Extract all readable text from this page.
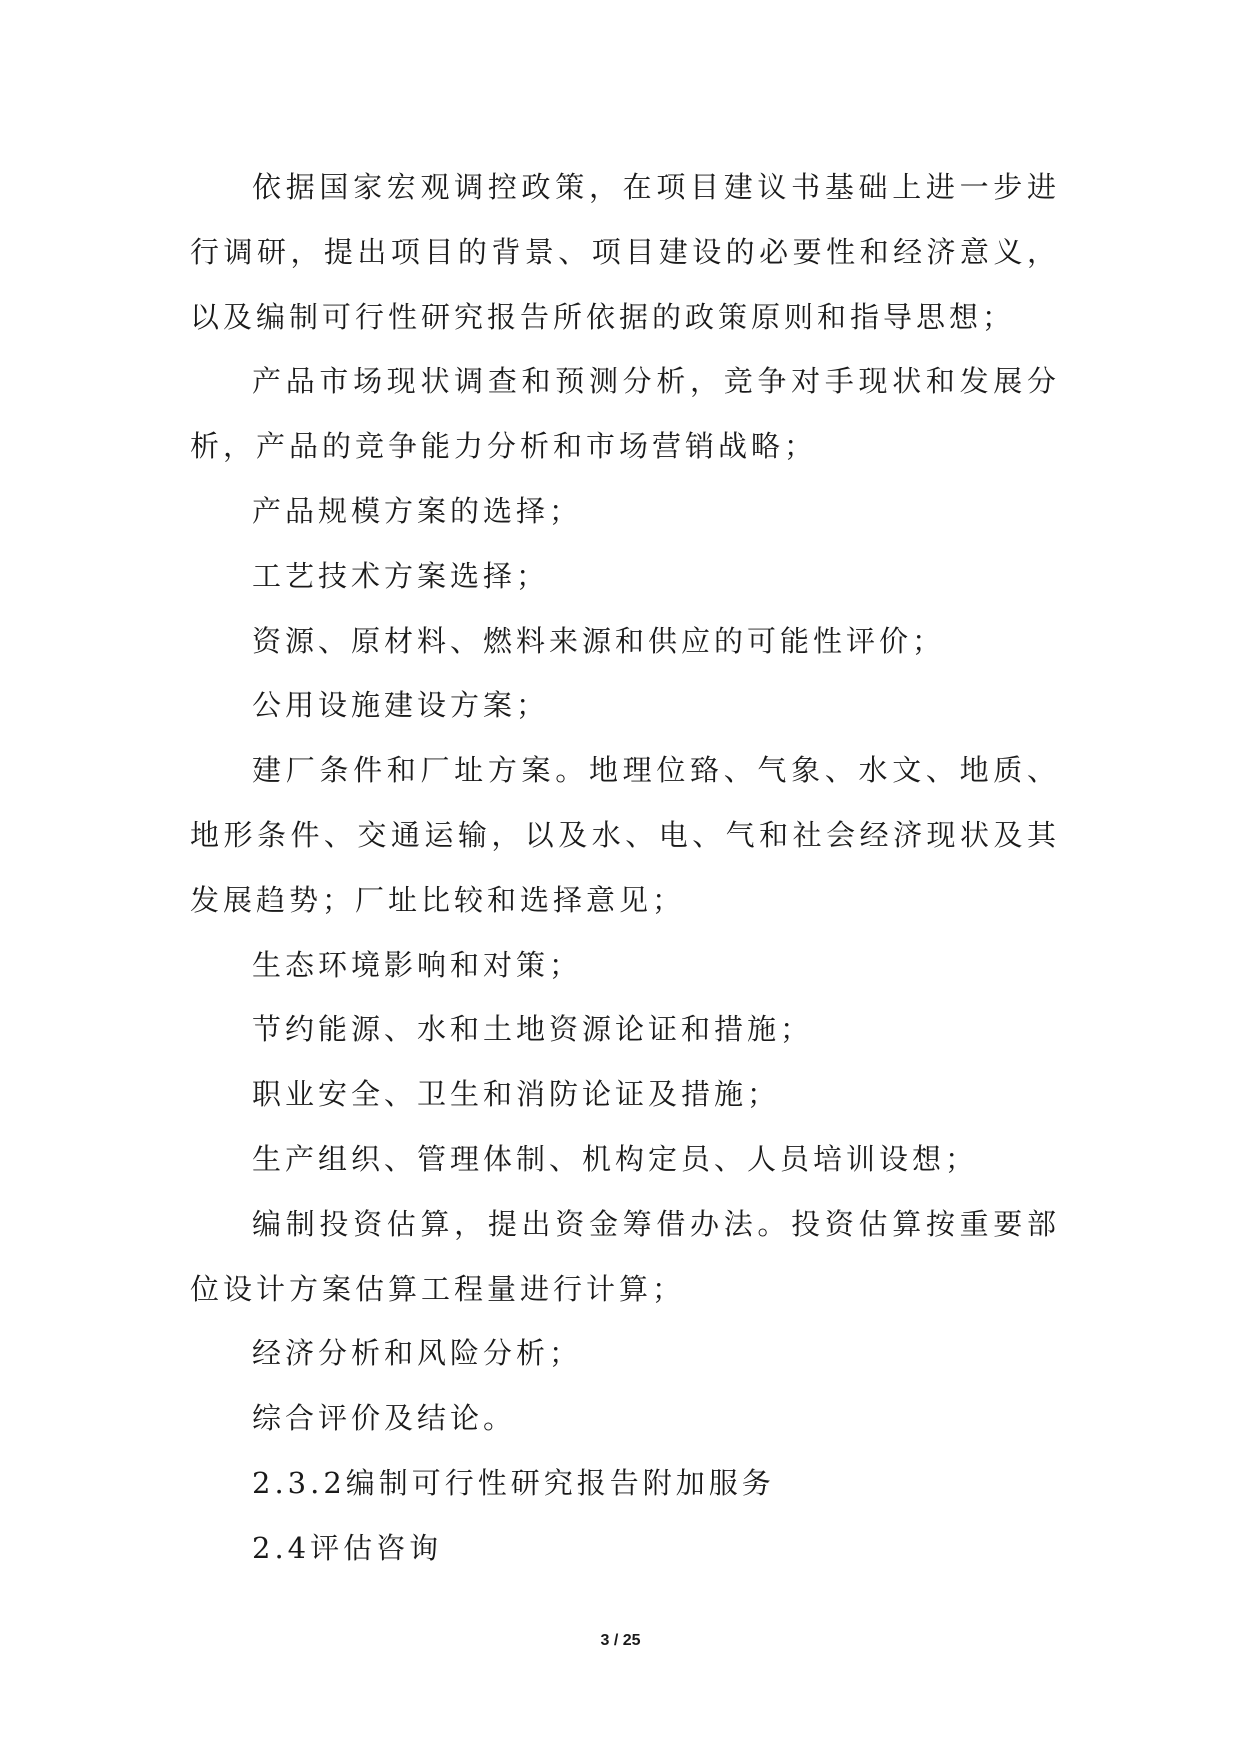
依据国家宏观调控政策，在项目建议书基础上进一步进行调研，提出项目的背景、项目建设的必要性和经济意义，以及编制可行性研究报告所依据的政策原则和指导思想；

产品市场现状调查和预测分析，竞争对手现状和发展分析，产品的竞争能力分析和市场营销战略；

产品规模方案的选择；

工艺技术方案选择；

资源、原材料、燃料来源和供应的可能性评价；

公用设施建设方案；

建厂条件和厂址方案。地理位臵、气象、水文、地质、地形条件、交通运输，以及水、电、气和社会经济现状及其发展趋势；厂址比较和选择意见；

生态环境影响和对策；

节约能源、水和土地资源论证和措施；

职业安全、卫生和消防论证及措施；

生产组织、管理体制、机构定员、人员培训设想；

编制投资估算，提出资金筹借办法。投资估算按重要部位设计方案估算工程量进行计算；

经济分析和风险分析；

综合评价及结论。

2.3.2编制可行性研究报告附加服务

2.4评估咨询

3 / 25
